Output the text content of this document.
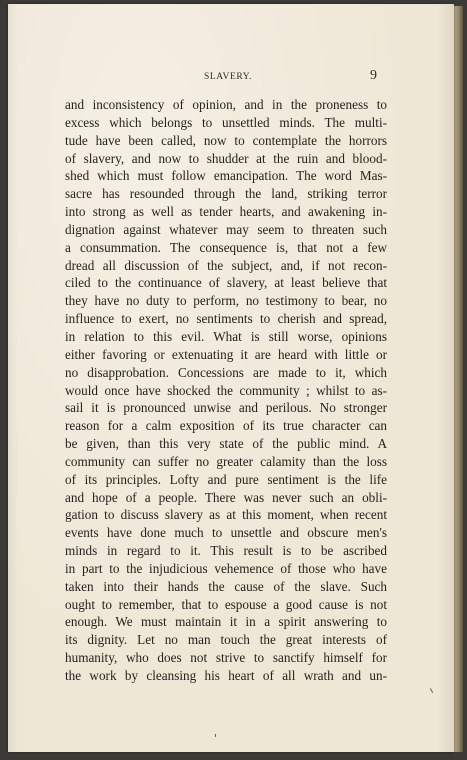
SLAVERY.	9
and inconsistency of opinion, and in the proneness to
excess which belongs to unsettled minds. The multi-
tude have been called, now to contemplate the horrors
of slavery, and now to shudder at the ruin and blood-
shed which must follow emancipation. The word Mas-
sacre has resounded through the land, striking terror
into strong as well as tender hearts, and awakening in-
dignation against whatever may seem to threaten such
a consummation. The consequence is, that not a few
dread all discussion of the subject, and, if not recon-
ciled to the continuance of slavery, at least believe that
they have no duty to perform, no testimony to bear, no
influence to exert, no sentiments to cherish and spread,
in relation to this evil. What is still worse, opinions
either favoring or extenuating it are heard with little or
no disapprobation. Concessions are made to it, which
would once have shocked the community ; whilst to as-
sail it is pronounced unwise and perilous. No stronger
reason for a calm exposition of its true character can
be given, than this very state of the public mind. A
community can suffer no greater calamity than the loss
of its principles. Lofty and pure sentiment is the life
and hope of a people. There was never such an obli-
gation to discuss slavery as at this moment, when recent
events have done much to unsettle and obscure men's
minds in regard to it. This result is to be ascribed
in part to the injudicious vehemence of those who have
taken into their hands the cause of the slave. Such
ought to remember, that to espouse a good cause is not
enough. We must maintain it in a spirit answering to
its dignity. Let no man touch the great interests of
humanity, who does not strive to sanctify himself for
the work by cleansing his heart of all wrath and un-
